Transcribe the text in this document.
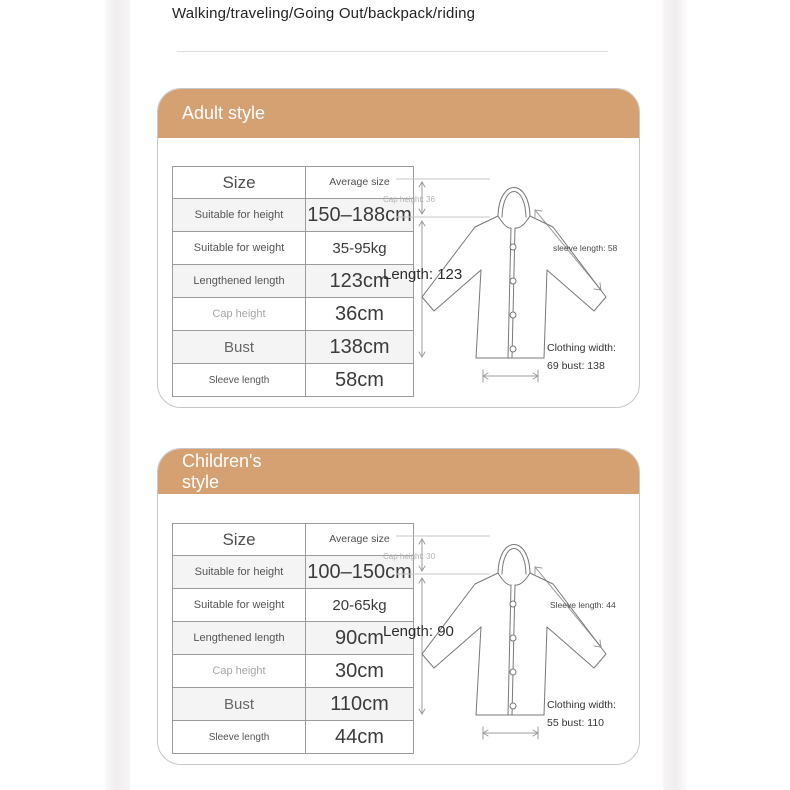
Walking/traveling/Going Out/backpack/riding
Adult style
Size	Average size
Suitable for height	150–188cm
Suitable for weight	35-95kg
Lengthened length	123cm
Cap height	36cm
Bust	138cm
Sleeve length	58cm
Cap height: 36
Length: 123
sleeve length: 58
Clothing width:
69 bust: 138
Children's style
Size	Average size
Suitable for height	100–150cm
Suitable for weight	20-65kg
Lengthened length	90cm
Cap height	30cm
Bust	110cm
Sleeve length	44cm
Cap height: 30
Length: 90
Sleeve length: 44
Clothing width:
55 bust: 110
